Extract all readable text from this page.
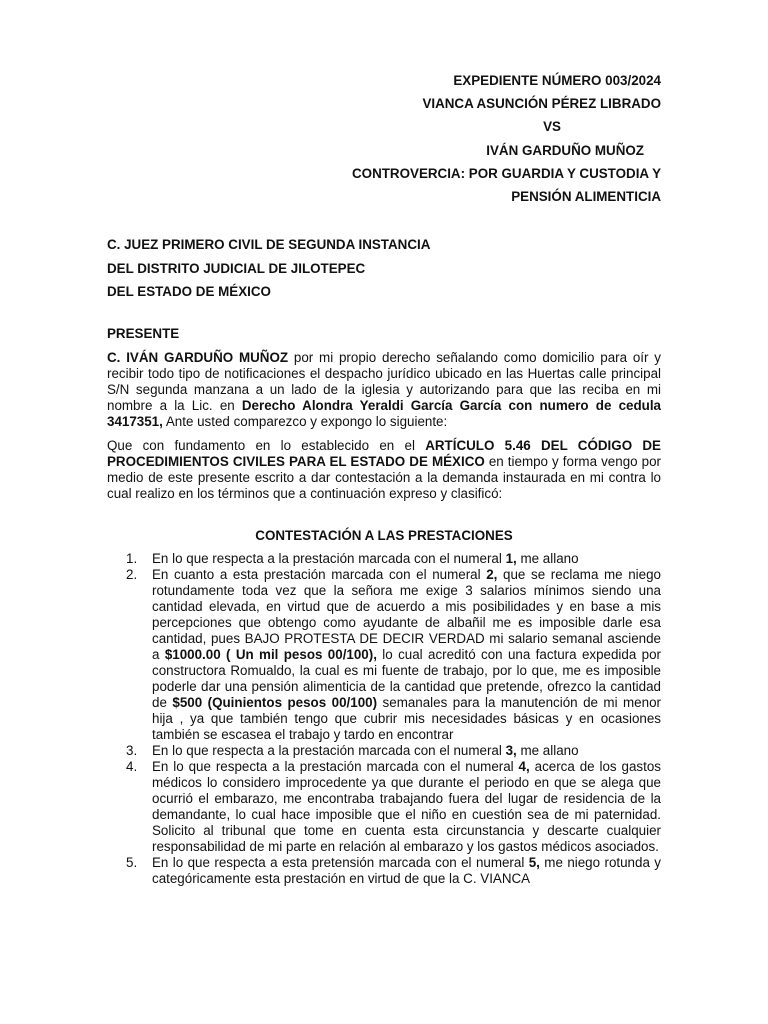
EXPEDIENTE NÚMERO 003/2024
VIANCA ASUNCIÓN PÉREZ LIBRADO
VS
IVÁN GARDUÑO MUÑOZ
CONTROVERCIA: POR GUARDIA Y CUSTODIA Y
PENSIÓN ALIMENTICIA
C. JUEZ PRIMERO CIVIL DE SEGUNDA INSTANCIA
DEL DISTRITO JUDICIAL DE JILOTEPEC
DEL ESTADO DE MÉXICO
PRESENTE

C. IVÁN GARDUÑO MUÑOZ por mi propio derecho señalando como domicilio para oír y recibir todo tipo de notificaciones el despacho jurídico ubicado en las Huertas calle principal S/N segunda manzana a un lado de la iglesia y autorizando para que las reciba en mi nombre a la Lic. en Derecho Alondra Yeraldi García García con numero de cedula 3417351, Ante usted comparezco y expongo lo siguiente:

Que con fundamento en lo establecido en el ARTÍCULO 5.46 DEL CÓDIGO DE PROCEDIMIENTOS CIVILES PARA EL ESTADO DE MÉXICO en tiempo y forma vengo por medio de este presente escrito a dar contestación a la demanda instaurada en mi contra lo cual realizo en los términos que a continuación expreso y clasificó:

CONTESTACIÓN A LAS PRESTACIONES
1. En lo que respecta a la prestación marcada con el numeral 1, me allano
2. En cuanto a esta prestación marcada con el numeral 2, que se reclama me niego rotundamente toda vez que la señora me exige 3 salarios mínimos siendo una cantidad elevada, en virtud que de acuerdo a mis posibilidades y en base a mis percepciones que obtengo como ayudante de albañil me es imposible darle esa cantidad, pues BAJO PROTESTA DE DECIR VERDAD mi salario semanal asciende a $1000.00 ( Un mil pesos 00/100), lo cual acreditó con una factura expedida por constructora Romualdo, la cual es mi fuente de trabajo, por lo que, me es imposible poderle dar una pensión alimenticia de la cantidad que pretende, ofrezco la cantidad de $500 (Quinientos pesos 00/100) semanales para la manutención de mi menor hija , ya que también tengo que cubrir mis necesidades básicas y en ocasiones también se escasea el trabajo y tardo en encontrar
3. En lo que respecta a la prestación marcada con el numeral 3, me allano
4. En lo que respecta a la prestación marcada con el numeral 4, acerca de los gastos médicos lo considero improcedente ya que durante el periodo en que se alega que ocurrió el embarazo, me encontraba trabajando fuera del lugar de residencia de la demandante, lo cual hace imposible que el niño en cuestión sea de mi paternidad. Solicito al tribunal que tome en cuenta esta circunstancia y descarte cualquier responsabilidad de mi parte en relación al embarazo y los gastos médicos asociados.
5. En lo que respecta a esta pretensión marcada con el numeral 5, me niego rotunda y categóricamente esta prestación en virtud de que la C. VIANCA
